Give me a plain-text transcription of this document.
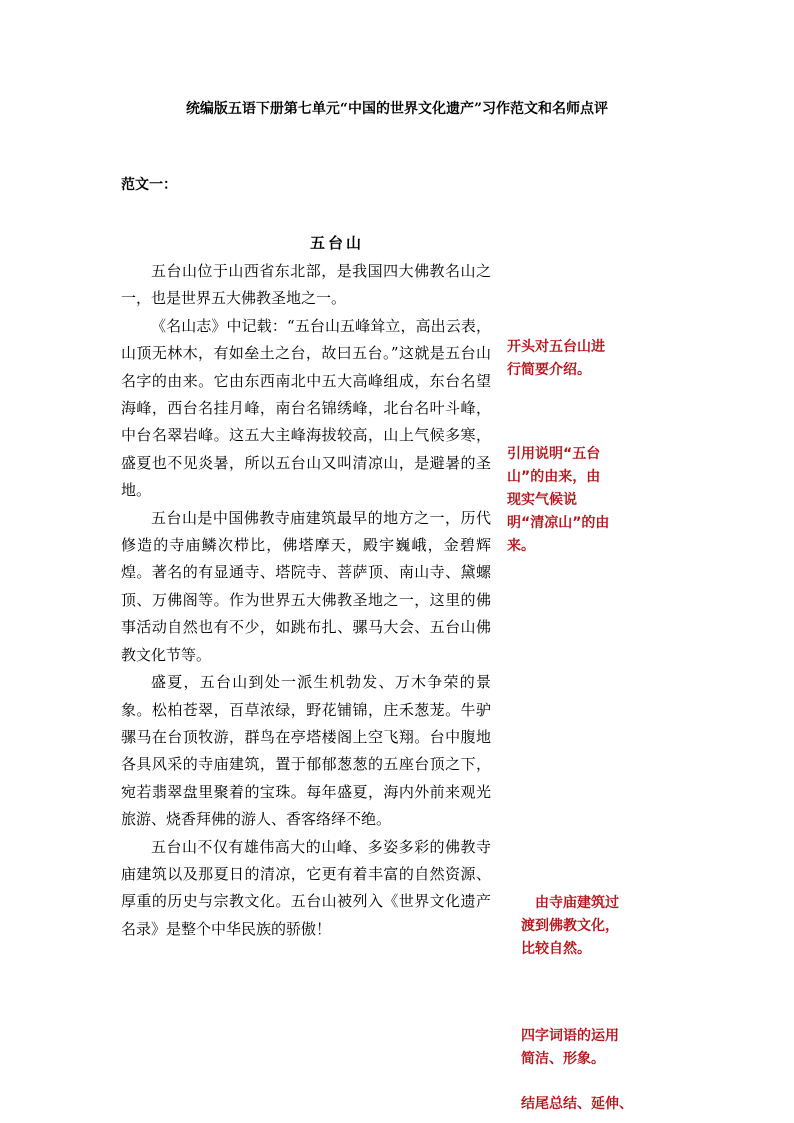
统编版五语下册第七单元“中国的世界文化遗产”习作范文和名师点评
范文一：
五台山

五台山位于山西省东北部，是我国四大佛教名山之一，也是世界五大佛教圣地之一。

《名山志》中记载：“五台山五峰耸立，高出云表，山顶无林木，有如垒土之台，故曰五台。”这就是五台山名字的由来。它由东西南北中五大高峰组成，东台名望海峰，西台名挂月峰，南台名锦绣峰，北台名叶斗峰，中台名翠岩峰。这五大主峰海拔较高，山上气候多寒，盛夏也不见炎暑，所以五台山又叫清凉山，是避暑的圣地。

五台山是中国佛教寺庙建筑最早的地方之一，历代修造的寺庙鳞次栉比，佛塔摩天，殿宇巍峨，金碧辉煌。著名的有显通寺、塔院寺、菩萨顶、南山寺、黛螺顶、万佛阁等。作为世界五大佛教圣地之一，这里的佛事活动自然也有不少，如跳布扎、骡马大会、五台山佛教文化节等。

盛夏，五台山到处一派生机勃发、万木争荣的景象。松柏苍翠，百草浓绿，野花铺锦，庄禾葱茏。牛驴骡马在台顶牧游，群鸟在亭塔楼阁上空飞翔。台中腹地各具风采的寺庙建筑，置于郁郁葱葱的五座台顶之下，宛若翡翠盘里聚着的宝珠。每年盛夏，海内外前来观光旅游、烧香拜佛的游人、香客络绎不绝。

五台山不仅有雄伟高大的山峰、多姿多彩的佛教寺庙建筑以及那夏日的清凉，它更有着丰富的自然资源、厚重的历史与宗教文化。五台山被列入《世界文化遗产名录》是整个中华民族的骄傲！

开头对五台山进行简要介绍。
引用说明“五台山”的由来，由现实气候说明“清凉山”的由来。
由寺庙建筑过渡到佛教文化，比较自然。
四字词语的运用简洁、形象。
结尾总结、延伸、
